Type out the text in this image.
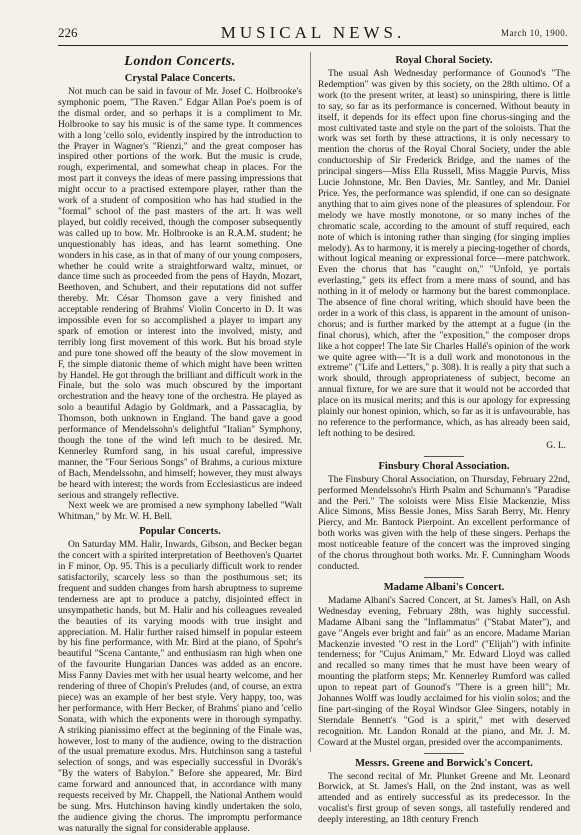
226	MUSICAL NEWS.	March 10, 1900.
London Concerts.
Crystal Palace Concerts.

Not much can be said in favour of Mr. Josef C. Holbrooke's symphonic poem, "The Raven." Edgar Allan Poe's poem is of the dismal order, and so perhaps it is a compliment to Mr. Holbrooke to say his music is of the same type. It commences with a long 'cello solo, evidently inspired by the introduction to the Prayer in Wagner's "Rienzi," and the great composer has inspired other portions of the work. But the music is crude, rough, experimental, and somewhat cheap in places. For the most part it conveys the ideas of mere passing impressions that might occur to a practised extempore player, rather than the work of a student of composition who has had studied in the "formal" school of the past masters of the art. It was well played, but coldly received, though the composer subsequently was called up to bow. Mr. Holbrooke is an R.A.M. student; he unquestionably has ideas, and has learnt something. One wonders in his case, as in that of many of our young composers, whether he could write a straightforward waltz, minuet, or dance time such as proceeded from the pens of Haydn, Mozart, Beethoven, and Schubert, and their reputations did not suffer thereby. Mr. César Thomson gave a very finished and acceptable rendering of Brahms' Violin Concerto in D. It was impossible even for so accomplished a player to impart any spark of emotion or interest into the involved, misty, and terribly long first movement of this work. But his broad style and pure tone showed off the beauty of the slow movement in F, the simple diatonic theme of which might have been written by Handel. He got through the brilliant and difficult work in the Finale, but the solo was much obscured by the important orchestration and the heavy tone of the orchestra. He played as solo a beautiful Adagio by Goldmark, and a Passacaglia, by Thomson, both unknown in England. The band gave a good performance of Mendelssohn's delightful "Italian" Symphony, though the tone of the wind left much to be desired. Mr. Kennerley Rumford sang, in his usual careful, impressive manner, the "Four Serious Songs" of Brahms, a curious mixture of Bach, Mendelssohn, and himself; however, they must always be heard with interest; the words from Ecclesiasticus are indeed serious and strangely reflective.

Next week we are promised a new symphony labelled "Walt Whitman," by Mr. W. H. Bell.

Popular Concerts.

On Saturday MM. Halir, Inwards, Gibson, and Becker began the concert with a spirited interpretation of Beethoven's Quartet in F minor, Op. 95. This is a peculiarly difficult work to render satisfactorily, scarcely less so than the posthumous set; its frequent and sudden changes from harsh abruptness to supreme tenderness are apt to produce a patchy, disjointed effect in unsympathetic hands, but M. Halir and his colleagues revealed the beauties of its varying moods with true insight and appreciation. M. Halir further raised himself in popular esteem by his fine performance, with Mr. Bird at the piano, of Spohr's beautiful "Scena Cantante," and enthusiasm ran high when one of the favourite Hungarian Dances was added as an encore. Miss Fanny Davies met with her usual hearty welcome, and her rendering of three of Chopin's Preludes (and, of course, an extra piece) was an example of her best style. Very happy, too, was her performance, with Herr Becker, of Brahms' piano and 'cello Sonata, with which the exponents were in thorough sympathy. A striking pianissimo effect at the beginning of the Finale was, however, lost to many of the audience, owing to the distraction of the usual premature exodus. Mrs. Hutchinson sang a tasteful selection of songs, and was especially successful in Dvorák's "By the waters of Babylon." Before she appeared, Mr. Bird came forward and announced that, in accordance with many requests received by Mr. Chappell, the National Anthem would be sung. Mrs. Hutchinson having kindly undertaken the solo, the audience giving the chorus. The impromptu performance was naturally the signal for considerable applause.

Royal Choral Society.

The usual Ash Wednesday performance of Gounod's "The Redemption" was given by this society, on the 28th ultimo. Of a work (to the present writer, at least) so uninspiring, there is little to say, so far as its performance is concerned. Without beauty in itself, it depends for its effect upon fine chorus-singing and the most cultivated taste and style on the part of the soloists. That the work was set forth by these attractions, it is only necessary to mention the chorus of the Royal Choral Society, under the able conductorship of Sir Frederick Bridge, and the names of the principal singers—Miss Ella Russell, Miss Maggie Purvis, Miss Lucie Johnstone, Mr. Ben Davies, Mr. Santley, and Mr. Daniel Price. Yes, the performance was splendid, if one can so designate anything that to aim gives none of the pleasures of splendour. For melody we have mostly monotone, or so many inches of the chromatic scale, according to the amount of stuff required, each note of which is intoning rather than singing (for singing implies melody). As to harmony, it is merely a piecing-together of chords, without logical meaning or expressional force—mere patchwork. Even the chorus that has "caught on," "Unfold, ye portals everlasting," gets its effect from a mere mass of sound, and has nothing in it of melody or harmony but the barest commonplace. The absence of fine choral writing, which should have been the order in a work of this class, is apparent in the amount of unison-chorus; and is further marked by the attempt at a fugue (in the final chorus), which, after the "exposition," the composer drops like a hot copper! The late Sir Charles Hallé's opinion of the work we quite agree with—"It is a dull work and monotonous in the extreme" ("Life and Letters," p. 308). It is really a pity that such a work should, through appropriateness of subject, become an annual fixture, for we are sure that it would not be accorded that place on its musical merits; and this is our apology for expressing plainly our honest opinion, which, so far as it is unfavourable, has no reference to the performance, which, as has already been said, left nothing to be desired.

G. L.
Finsbury Choral Association.

The Finsbury Choral Association, on Thursday, February 22nd, performed Mendelssohn's Hirth Psalm and Schumann's "Paradise and the Peri." The soloists were Miss Elsie Mackenzie, Miss Alice Simons, Miss Bessie Jones, Miss Sarah Berry, Mr. Henry Piercy, and Mr. Bantock Pierpoint. An excellent performance of both works was given with the help of these singers. Perhaps the most noticeable feature of the concert was the improved singing of the chorus throughout both works. Mr. F. Cunningham Woods conducted.

Madame Albani's Concert.

Madame Albani's Sacred Concert, at St. James's Hall, on Ash Wednesday evening, February 28th, was highly successful. Madame Albani sang the "Inflammatus" ("Stabat Mater"), and gave "Angels ever bright and fair" as an encore. Madame Marian Mackenzie invested "O rest in the Lord" ("Elijah") with infinite tenderness; for "Cujus Animam," Mr. Edward Lloyd was called and recalled so many times that he must have been weary of mounting the platform steps; Mr. Kennerley Rumford was called upon to repeat part of Gounod's "There is a green hill"; Mr. Johannes Wolff was loudly acclaimed for his violin solos; and the fine part-singing of the Royal Windsor Glee Singers, notably in Sterndale Bennett's "God is a spirit," met with deserved recognition. Mr. Landon Ronald at the piano, and Mr. J. M. Coward at the Mustel organ, presided over the accompaniments.

Messrs. Greene and Borwick's Concert.

The second recital of Mr. Plunket Greene and Mr. Leonard Borwick, at St. James's Hall, on the 2nd instant, was as well attended and as entirely successful as its predecessor. In the vocalist's first group of seven songs, all tastefully rendered and deeply interesting, an 18th century French
